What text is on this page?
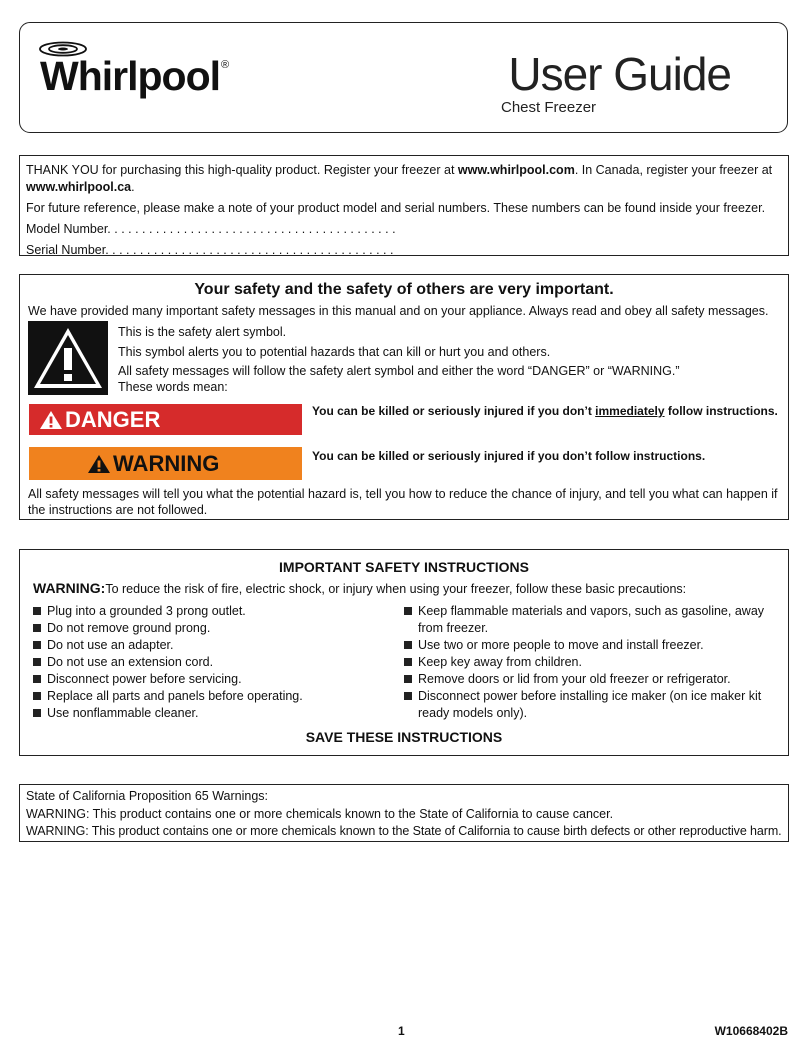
Whirlpool®	User Guide
Chest Freezer

THANK YOU for purchasing this high-quality product. Register your freezer at www.whirlpool.com. In Canada, register your freezer at www.whirlpool.ca.

For future reference, please make a note of your product model and serial numbers. These numbers can be found inside your freezer.

Model Number. . . . . . . . . . . . . . . . . . . . . . . . . . . . . . . . . . . . . . . . . .

Serial Number. . . . . . . . . . . . . . . . . . . . . . . . . . . . . . . . . . . . . . . . . .

Your safety and the safety of others are very important.
We have provided many important safety messages in this manual and on your appliance. Always read and obey all safety messages.
This is the safety alert symbol.
This symbol alerts you to potential hazards that can kill or hurt you and others.
All safety messages will follow the safety alert symbol and either the word “DANGER” or “WARNING.”
These words mean:
DANGER	You can be killed or seriously injured if you don’t immediately follow instructions.
WARNING	You can be killed or seriously injured if you don’t follow instructions.
All safety messages will tell you what the potential hazard is, tell you how to reduce the chance of injury, and tell you what can happen if the instructions are not followed.
IMPORTANT SAFETY INSTRUCTIONS
WARNING:To reduce the risk of fire, electric shock, or injury when using your freezer, follow these basic precautions:
Plug into a grounded 3 prong outlet.
Do not remove ground prong.
Do not use an adapter.
Do not use an extension cord.
Disconnect power before servicing.
Replace all parts and panels before operating.
Use nonflammable cleaner.
Keep flammable materials and vapors, such as gasoline, away from freezer.
Use two or more people to move and install freezer.
Keep key away from children.
Remove doors or lid from your old freezer or refrigerator.
Disconnect power before installing ice maker (on ice maker kit ready models only).
SAVE THESE INSTRUCTIONS
State of California Proposition 65 Warnings:
WARNING: This product contains one or more chemicals known to the State of California to cause cancer.
WARNING: This product contains one or more chemicals known to the State of California to cause birth defects or other reproductive harm.
1	W10668402B
